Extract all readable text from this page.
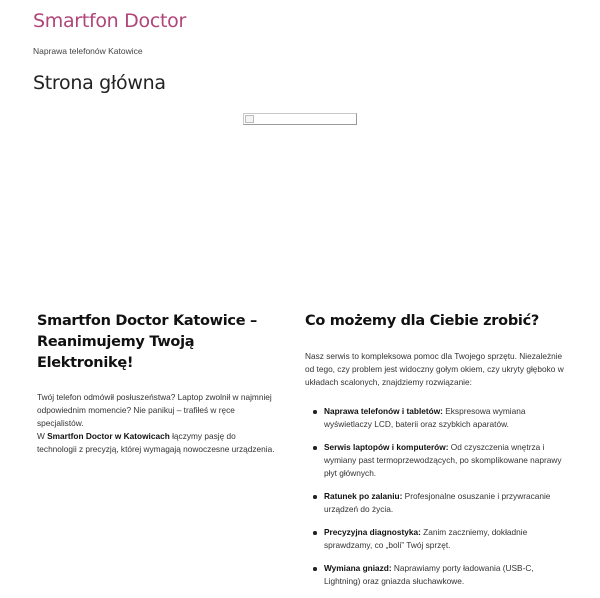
Smartfon Doctor

Naprawa telefonów Katowice

Strona główna
Smartfon Doctor Katowice – Reanimujemy Twoją Elektronikę!

Twój telefon odmówił posłuszeństwa? Laptop zwolnił w najmniej odpowiednim momencie? Nie panikuj – trafiłeś w ręce specjalistów.
W Smartfon Doctor w Katowicach łączymy pasję do technologii z precyzją, której wymagają nowoczesne urządzenia.

Co możemy dla Ciebie zrobić?

Nasz serwis to kompleksowa pomoc dla Twojego sprzętu. Niezależnie od tego, czy problem jest widoczny gołym okiem, czy ukryty głęboko w układach scalonych, znajdziemy rozwiązanie:

Naprawa telefonów i tabletów: Ekspresowa wymiana wyświetlaczy LCD, baterii oraz szybkich aparatów.
Serwis laptopów i komputerów: Od czyszczenia wnętrza i wymiany past termoprzewodzących, po skomplikowane naprawy płyt głównych.
Ratunek po zalaniu: Profesjonalne osuszanie i przywracanie urządzeń do życia.
Precyzyjna diagnostyka: Zanim zaczniemy, dokładnie sprawdzamy, co „boli” Twój sprzęt.
Wymiana gniazd: Naprawiamy porty ładowania (USB-C, Lightning) oraz gniazda słuchawkowe.
